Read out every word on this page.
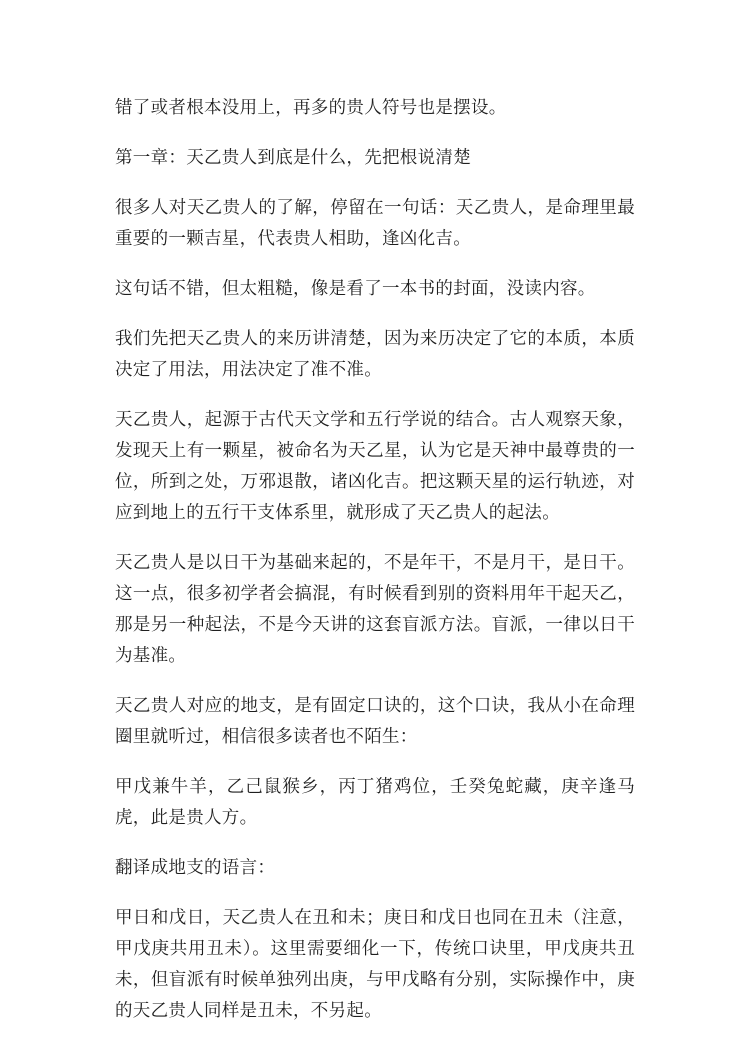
错了或者根本没用上，再多的贵人符号也是摆设。

第一章：天乙贵人到底是什么，先把根说清楚

很多人对天乙贵人的了解，停留在一句话：天乙贵人，是命理里最重要的一颗吉星，代表贵人相助，逢凶化吉。

这句话不错，但太粗糙，像是看了一本书的封面，没读内容。

我们先把天乙贵人的来历讲清楚，因为来历决定了它的本质，本质决定了用法，用法决定了准不准。

天乙贵人，起源于古代天文学和五行学说的结合。古人观察天象，发现天上有一颗星，被命名为天乙星，认为它是天神中最尊贵的一位，所到之处，万邪退散，诸凶化吉。把这颗天星的运行轨迹，对应到地上的五行干支体系里，就形成了天乙贵人的起法。

天乙贵人是以日干为基础来起的，不是年干，不是月干，是日干。这一点，很多初学者会搞混，有时候看到别的资料用年干起天乙，那是另一种起法，不是今天讲的这套盲派方法。盲派，一律以日干为基准。

天乙贵人对应的地支，是有固定口诀的，这个口诀，我从小在命理圈里就听过，相信很多读者也不陌生：

甲戊兼牛羊，乙己鼠猴乡，丙丁猪鸡位，壬癸兔蛇藏，庚辛逢马虎，此是贵人方。

翻译成地支的语言：

甲日和戊日，天乙贵人在丑和未；庚日和戊日也同在丑未（注意，甲戊庚共用丑未）。这里需要细化一下，传统口诀里，甲戊庚共丑未，但盲派有时候单独列出庚，与甲戊略有分别，实际操作中，庚的天乙贵人同样是丑未，不另起。
